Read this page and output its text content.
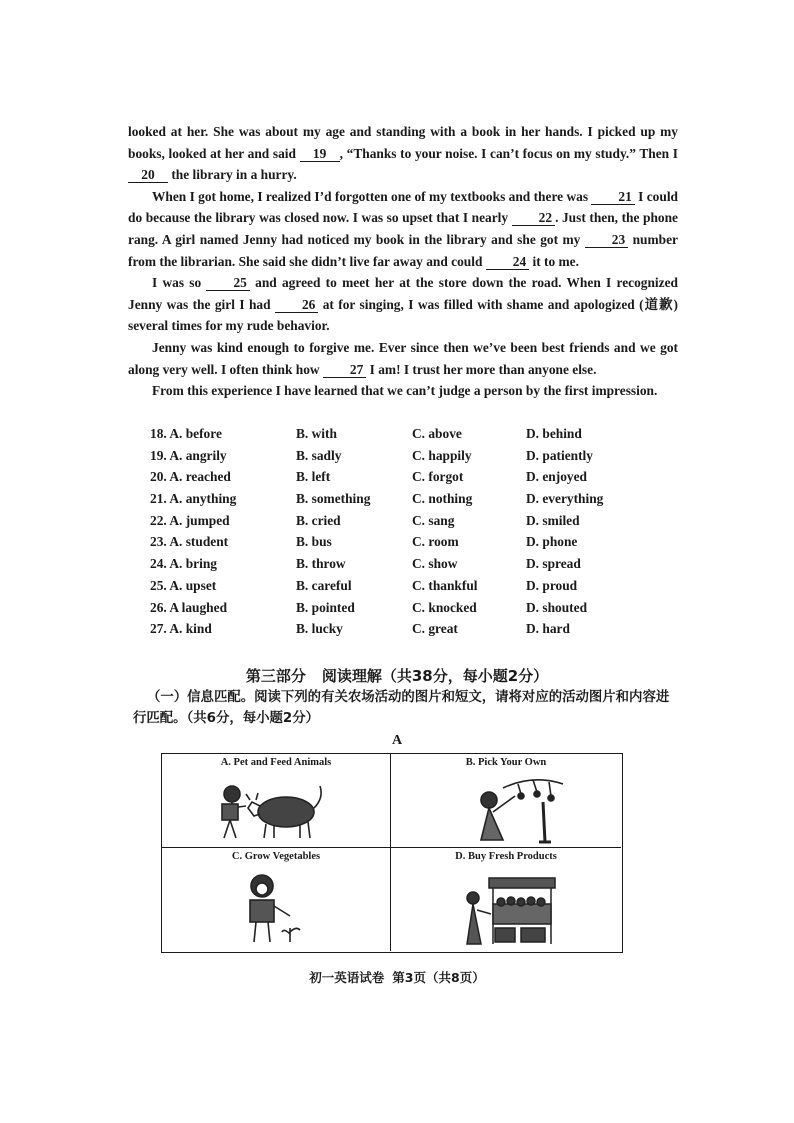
looked at her. She was about my age and standing with a book in her hands. I picked up my books, looked at her and said 19 , “Thanks to your noise. I can’t focus on my study.” Then I 20 the library in a hurry.

When I got home, I realized I’d forgotten one of my textbooks and there was 21 I could do because the library was closed now. I was so upset that I nearly 22 . Just then, the phone rang. A girl named Jenny had noticed my book in the library and she got my 23 number from the librarian. She said she didn’t live far away and could 24 it to me.

I was so 25 and agreed to meet her at the store down the road. When I recognized Jenny was the girl I had 26 at for singing, I was filled with shame and apologized (道歉) several times for my rude behavior.

Jenny was kind enough to forgive me. Ever since then we’ve been best friends and we got along very well. I often think how 27 I am! I trust her more than anyone else.

From this experience I have learned that we can’t judge a person by the first impression.

18. A. before	B. with	C. above	D. behind
19. A. angrily	B. sadly	C. happily	D. patiently
20. A. reached	B. left	C. forgot	D. enjoyed
21. A. anything	B. something	C. nothing	D. everything
22. A. jumped	B. cried	C. sang	D. smiled
23. A. student	B. bus	C. room	D. phone
24. A. bring	B. throw	C. show	D. spread
25. A. upset	B. careful	C. thankful	D. proud
26. A laughed	B. pointed	C. knocked	D. shouted
27. A. kind	B. lucky	C. great	D. hard
第三部分 阅读理解（共38分，每小题2分）
（一）信息匹配。阅读下列的有关农场活动的图片和短文，请将对应的活动图片和内容进行匹配。（共6分，每小题2分）
A
A. Pet and Feed Animals	B. Pick Your Own
C. Grow Vegetables	D. Buy Fresh Products
初一英语试卷 第3页（共8页）
